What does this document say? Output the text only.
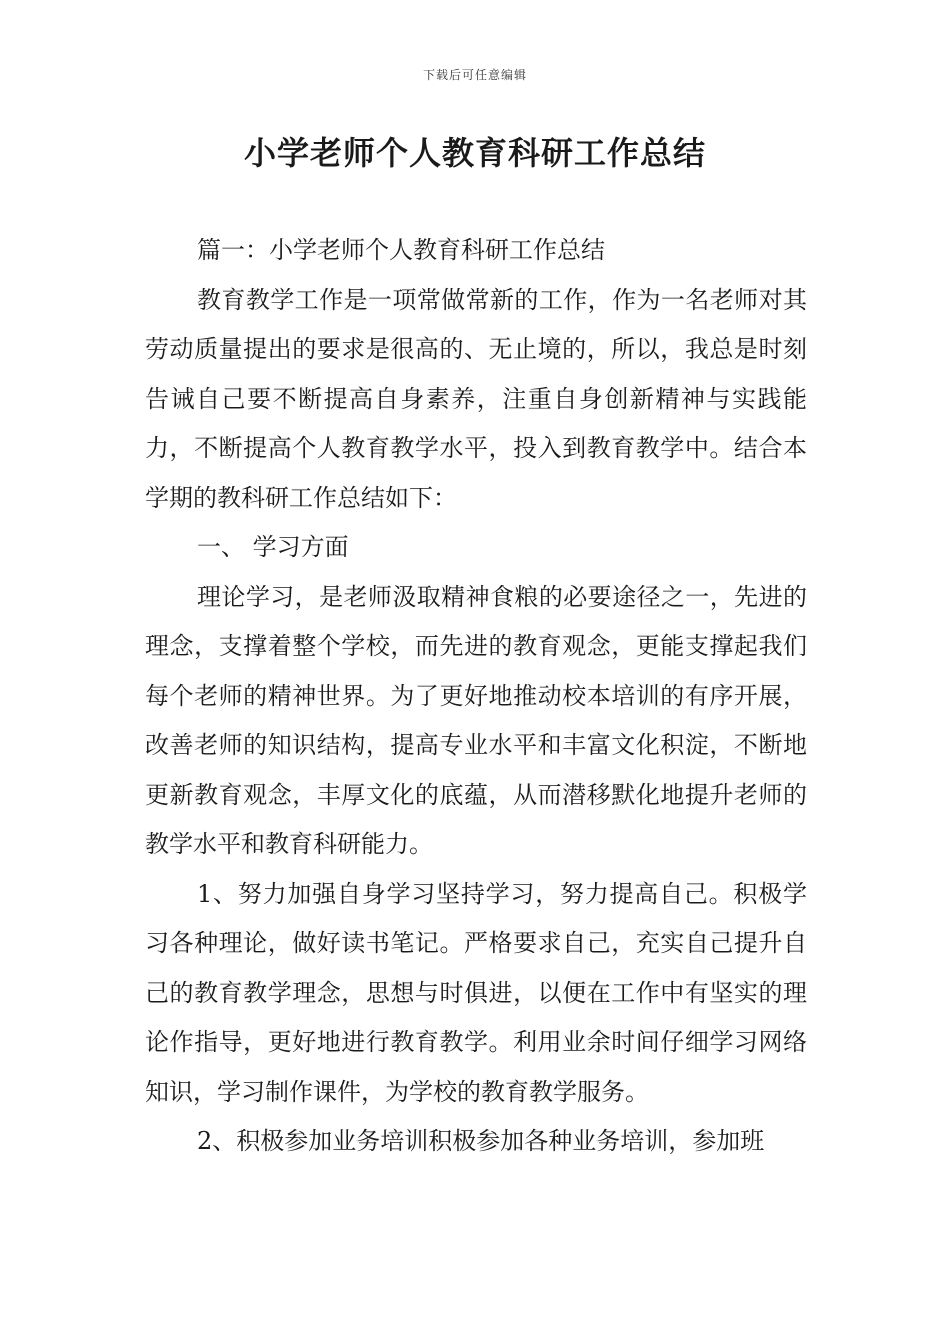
下载后可任意编辑
小学老师个人教育科研工作总结

篇一：小学老师个人教育科研工作总结

教育教学工作是一项常做常新的工作，作为一名老师对其劳动质量提出的要求是很高的、无止境的，所以，我总是时刻告诫自己要不断提高自身素养，注重自身创新精神与实践能力，不断提高个人教育教学水平，投入到教育教学中。结合本学期的教科研工作总结如下：

一、 学习方面

理论学习，是老师汲取精神食粮的必要途径之一，先进的理念，支撑着整个学校，而先进的教育观念，更能支撑起我们每个老师的精神世界。为了更好地推动校本培训的有序开展，改善老师的知识结构，提高专业水平和丰富文化积淀，不断地更新教育观念，丰厚文化的底蕴，从而潜移默化地提升老师的教学水平和教育科研能力。

1、努力加强自身学习坚持学习，努力提高自己。积极学习各种理论，做好读书笔记。严格要求自己，充实自己提升自己的教育教学理念，思想与时俱进，以便在工作中有坚实的理论作指导，更好地进行教育教学。利用业余时间仔细学习网络知识，学习制作课件，为学校的教育教学服务。

2、积极参加业务培训积极参加各种业务培训，参加班
